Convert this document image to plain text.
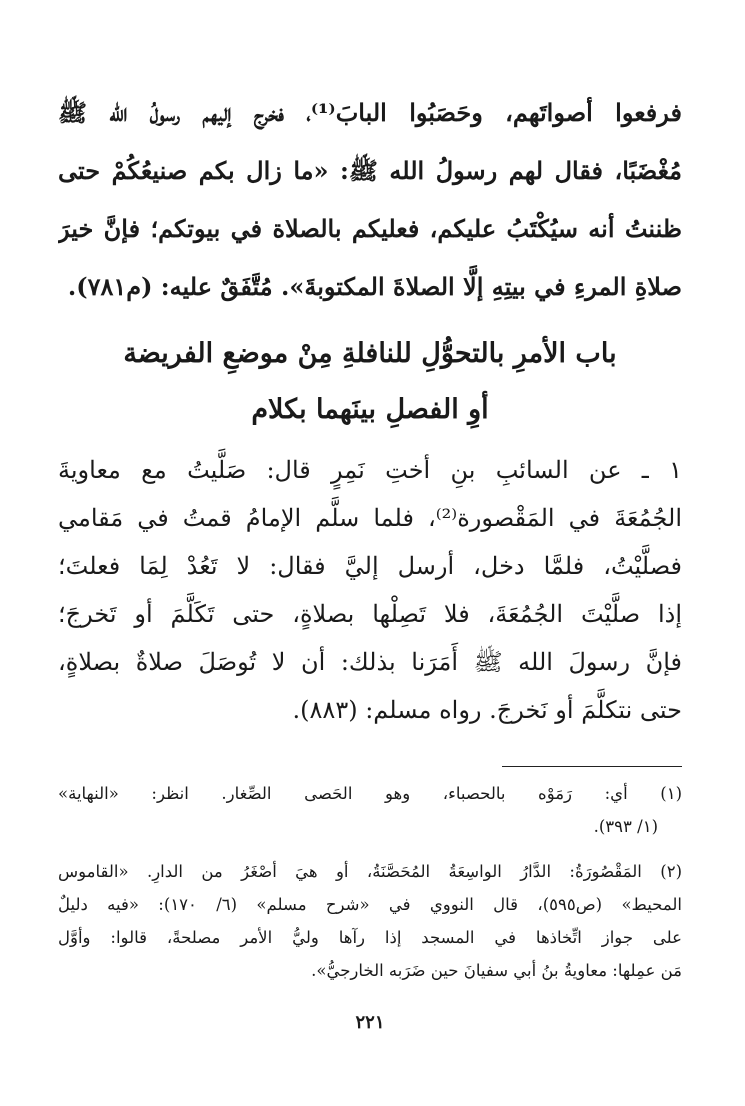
فرفعوا أصواتَهم، وحَصَبُوا البابَ⁽¹⁾، فخرج إليهم رسولُ الله ﷺ
مُغْضَبًا، فقال لهم رسولُ الله ﷺ: «ما زال بكم صنيعُكُمْ حتى
ظننتُ أنه سيُكْتَبُ عليكم، فعليكم بالصلاة في بيوتكم؛ فإنَّ خيرَ
صلاةِ المرءِ في بيتِهِ إلَّا الصلاةَ المكتوبةَ». مُتَّفَقٌ عليه: (م٧٨١).
باب الأمرِ بالتحوُّلِ للنافلةِ مِنْ موضعِ الفريضة
أوِ الفصلِ بينَهما بكلام
١ ـ عن السائبِ بنِ أختِ نَمِرٍ قال: صَلَّيتُ مع معاويةَ
الجُمُعَةَ في المَقْصورة⁽²⁾، فلما سلَّم الإمامُ قمتُ في مَقامي
فصلَّيْتُ، فلمَّا دخل، أرسل إليَّ فقال: لا تَعُدْ لِمَا فعلتَ؛
إذا صلَّيْتَ الجُمُعَةَ، فلا تَصِلْها بصلاةٍ، حتى تَكَلَّمَ أو تَخرجَ؛
فإنَّ رسولَ الله ﷺ أَمَرَنا بذلك: أن لا تُوصَلَ صلاةٌ بصلاةٍ،
حتى نتكلَّمَ أو نَخرجَ. رواه مسلم: (٨٨٣).
(١) أي: رَمَوْه بالحصباء، وهو الحَصى الصِّغار. انظر: «النهاية»
(١/ ٣٩٣).
(٢) المَقْصُورَةُ: الدَّارُ الواسِعَةُ المُحَصَّنَةُ، أو هيَ أصْغَرُ من الدارِ. «القاموس
المحيط» (ص٥٩٥)، قال النووي في «شرح مسلم» (٦/ ١٧٠): «فيه دليلٌ
على جواز اتِّخاذها في المسجد إذا رآها وليُّ الأمر مصلحةً، قالوا: وأوَّل
مَن عمِلها: معاويةُ بنُ أبي سفيانَ حين ضَرَبه الخارجيُّ».
٢٢١
